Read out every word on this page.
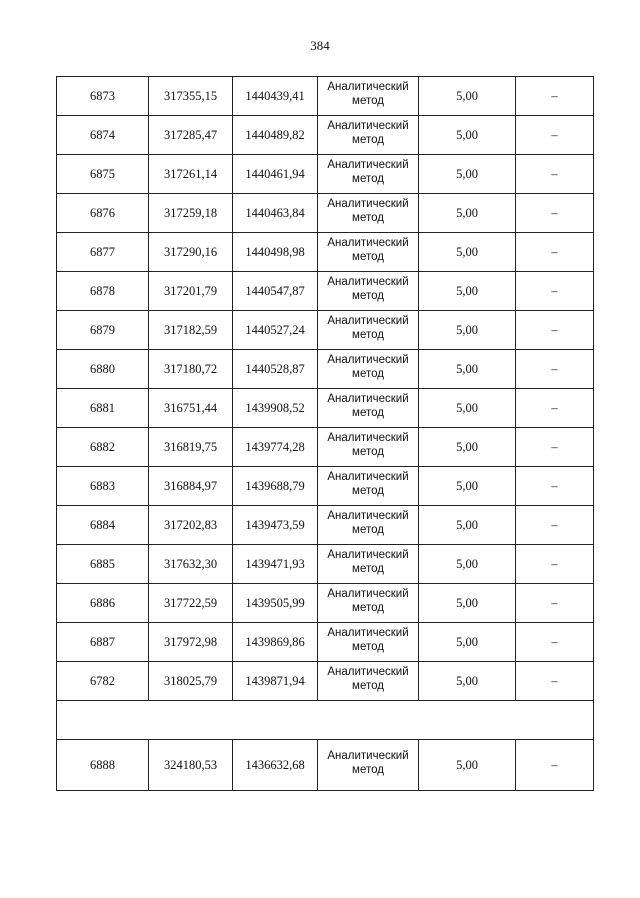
384
6873	317355,15	1440439,41	Аналитический метод	5,00	–
6874	317285,47	1440489,82	Аналитический метод	5,00	–
6875	317261,14	1440461,94	Аналитический метод	5,00	–
6876	317259,18	1440463,84	Аналитический метод	5,00	–
6877	317290,16	1440498,98	Аналитический метод	5,00	–
6878	317201,79	1440547,87	Аналитический метод	5,00	–
6879	317182,59	1440527,24	Аналитический метод	5,00	–
6880	317180,72	1440528,87	Аналитический метод	5,00	–
6881	316751,44	1439908,52	Аналитический метод	5,00	–
6882	316819,75	1439774,28	Аналитический метод	5,00	–
6883	316884,97	1439688,79	Аналитический метод	5,00	–
6884	317202,83	1439473,59	Аналитический метод	5,00	–
6885	317632,30	1439471,93	Аналитический метод	5,00	–
6886	317722,59	1439505,99	Аналитический метод	5,00	–
6887	317972,98	1439869,86	Аналитический метод	5,00	–
6782	318025,79	1439871,94	Аналитический метод	5,00	–

6888	324180,53	1436632,68	Аналитический метод	5,00	–
